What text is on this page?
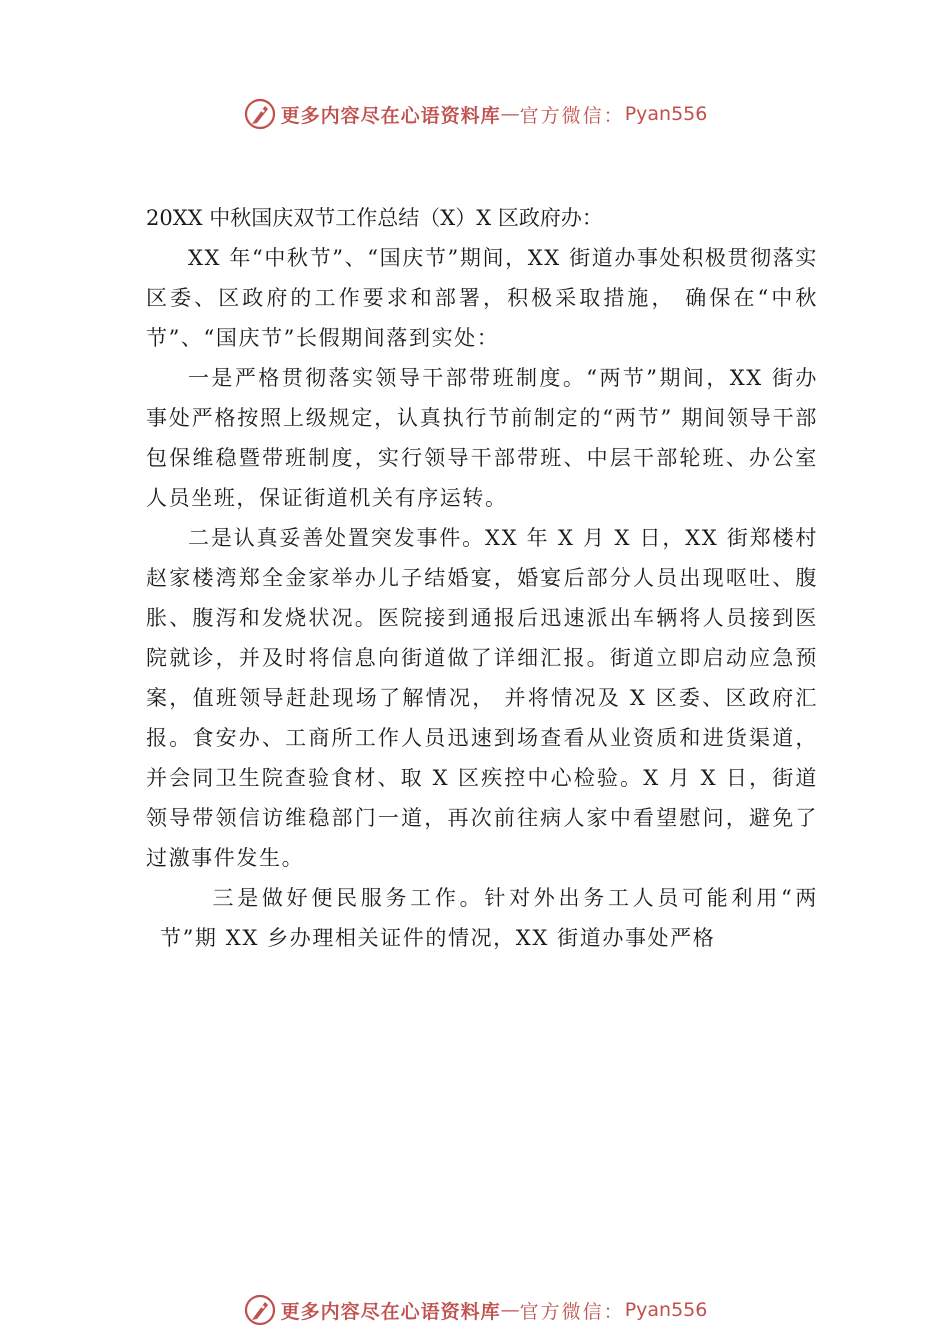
更多内容尽在心语资料库 — 官方微信： Pyan556

20XX 中秋国庆双节工作总结（X）X 区政府办：

XX 年“中秋节”、“国庆节”期间，XX 街道办事处积极贯彻落实区委、区政府的工作要求和部署，积极采取措施， 确保在“中秋节”、“国庆节”长假期间落到实处：

一是严格贯彻落实领导干部带班制度。“两节”期间，XX 街办事处严格按照上级规定，认真执行节前制定的“两节” 期间领导干部包保维稳暨带班制度，实行领导干部带班、中层干部轮班、办公室人员坐班，保证街道机关有序运转。

二是认真妥善处置突发事件。XX 年 X 月 X 日，XX 街郑楼村赵家楼湾郑全金家举办儿子结婚宴，婚宴后部分人员出现呕吐、腹胀、腹泻和发烧状况。医院接到通报后迅速派出车辆将人员接到医院就诊，并及时将信息向街道做了详细汇报。街道立即启动应急预案，值班领导赶赴现场了解情况， 并将情况及 X 区委、区政府汇报。食安办、工商所工作人员迅速到场查看从业资质和进货渠道，并会同卫生院查验食材、取 X 区疾控中心检验。X 月 X 日，街道领导带领信访维稳部门一道，再次前往病人家中看望慰问，避免了过激事件发生。

三是做好便民服务工作。针对外出务工人员可能利用“两节”期 XX 乡办理相关证件的情况，XX 街道办事处严格

更多内容尽在心语资料库 — 官方微信： Pyan556
